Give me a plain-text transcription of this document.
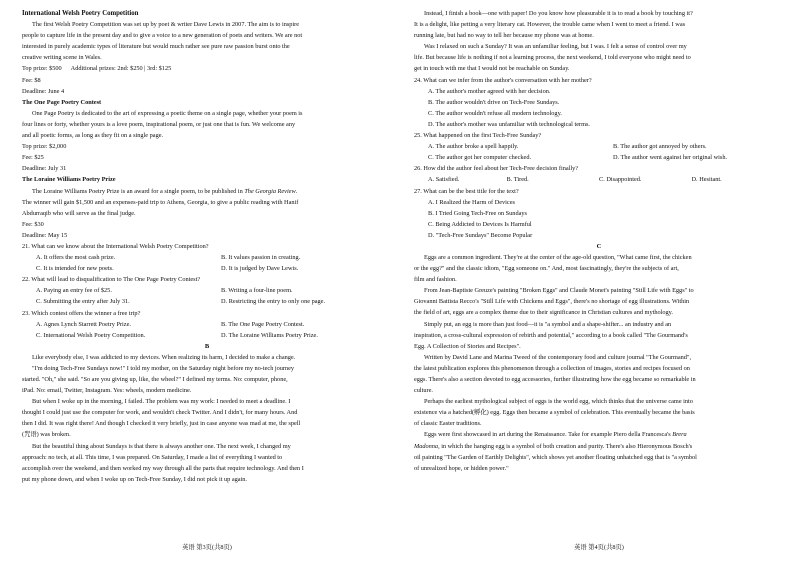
International Welsh Poetry Competition
The first Welsh Poetry Competition was set up by poet & writer Dave Lewis in 2007. The aim is to inspire
people to capture life in the present day and to give a voice to a new generation of poets and writers. We are not
interested in purely academic types of literature but would much rather see pure raw passion burst onto the
creative writing scene in Wales.
Top prize: $500      Additional prizes: 2nd: $250 | 3rd: $125
Fee: $8
Deadline: June 4
The One Page Poetry Contest
One Page Poetry is dedicated to the art of expressing a poetic theme on a single page, whether your poem is
four lines or forty, whether yours is a love poem, inspirational poem, or just one that is fun. We welcome any
and all poetic forms, as long as they fit on a single page.
Top prize: $2,000
Fee: $25
Deadline: July 31
The Loraine Williams Poetry Prize
The Loraine Williams Poetry Prize is an award for a single poem, to be published in The Georgia Review.
The winner will gain $1,500 and an expenses-paid trip to Athens, Georgia, to give a public reading with Hanif
Abdurraqib who will serve as the final judge.
Fee: $30
Deadline: May 15
21. What can we know about the International Welsh Poetry Competition?
A. It offers the most cash prize.	B. It values passion in creating.
C. It is intended for new poets.	D. It is judged by Dave Lewis.
22. What will lead to disqualification to The One Page Poetry Contest?
A. Paying an entry fee of $25.	B. Writing a four-line poem.
C. Submitting the entry after July 31.	D. Restricting the entry to only one page.
23. Which contest offers the winner a free trip?
A. Agnes Lynch Starrett Poetry Prize.	B. The One Page Poetry Contest.
C. International Welsh Poetry Competition.	D. The Loraine Williams Poetry Prize.
B
Like everybody else, I was addicted to my devices. When realizing its harm, I decided to make a change.
"I'm doing Tech-Free Sundays now!" I told my mother, on the Saturday night before my no-tech journey
started. "Oh," she said. "So are you giving up, like, the wheel?" I defined my terms. No: computer, phone,
iPad. No: email, Twitter, Instagram. Yes: wheels, modern medicine.
But when I woke up in the morning, I failed. The problem was my work: I needed to meet a deadline. I
thought I could just use the computer for work, and wouldn't check Twitter. And I didn't, for many hours. And
then I did. It was right there! And though I checked it very briefly, just in case anyone was mad at me, the spell
(咒语) was broken.
But the beautiful thing about Sundays is that there is always another one. The next week, I changed my
approach: no tech, at all. This time, I was prepared. On Saturday, I made a list of everything I wanted to
accomplish over the weekend, and then worked my way through all the parts that require technology. And then I
put my phone down, and when I woke up on Tech-Free Sunday, I did not pick it up again.
英语 第3页(共8页)
Instead, I finish a book—one with paper! Do you know how pleasurable it is to read a book by touching it?
It is a delight, like petting a very literary cat. However, the trouble came when I went to meet a friend. I was
running late, but had no way to tell her because my phone was at home.
Was I relaxed on such a Sunday? It was an unfamiliar feeling, but I was. I felt a sense of control over my
life. But because life is nothing if not a learning process, the next weekend, I told everyone who might need to
get in touch with me that I would not be reachable on Sunday.
24. What can we infer from the author's conversation with her mother?
A. The author's mother agreed with her decision.
B. The author wouldn't drive on Tech-Free Sundays.
C. The author wouldn't refuse all modern technology.
D. The author's mother was unfamiliar with technological terms.
25. What happened on the first Tech-Free Sunday?
A. The author broke a spell happily.	B. The author got annoyed by others.
C. The author got her computer checked.	D. The author went against her original wish.
26. How did the author feel about her Tech-Free decision finally?
A. Satisfied.	B. Tired.	C. Disappointed.	D. Hesitant.
27. What can be the best title for the text?
A. I Realized the Harm of Devices
B. I Tried Going Tech-Free on Sundays
C. Being Addicted to Devices Is Harmful
D. "Tech-Free Sundays" Become Popular
C
Eggs are a common ingredient. They're at the center of the age-old question, "What came first, the chicken
or the egg?" and the classic idiom, "Egg someone on." And, most fascinatingly, they're the subjects of art,
film and fashion.
From Jean-Baptiste Greuze's painting "Broken Eggs" and Claude Monet's painting "Still Life with Eggs" to
Giovanni Battista Recco's "Still Life with Chickens and Eggs", there's no shortage of egg illustrations. Within
the field of art, eggs are a complex theme due to their significance in Christian cultures and mythology.
Simply put, an egg is more than just food—it is "a symbol and a shape-shifter... an industry and an
inspiration, a cross-cultural expression of rebirth and potential," according to a book called "The Gourmand's
Egg. A Collection of Stories and Recipes".
Written by David Lane and Marina Tweed of the contemporary food and culture journal "The Gourmand",
the latest publication explores this phenomenon through a collection of images, stories and recipes focused on
eggs. There's also a section devoted to egg accessories, further illustrating how the egg became so remarkable in
culture.
Perhaps the earliest mythological subject of eggs is the world egg, which thinks that the universe came into
existence via a hatched(孵化) egg. Eggs then became a symbol of celebration. This eventually became the basis
of classic Easter traditions.
Eggs were first showcased in art during the Renaissance. Take for example Piero della Francesca's Brera
Madonna, in which the hanging egg is a symbol of both creation and purity. There's also Hieronymous Bosch's
oil painting "The Garden of Earthly Delights", which shows yet another floating unhatched egg that is "a symbol
of unrealized hope, or hidden power."
英语 第4页(共8页)
